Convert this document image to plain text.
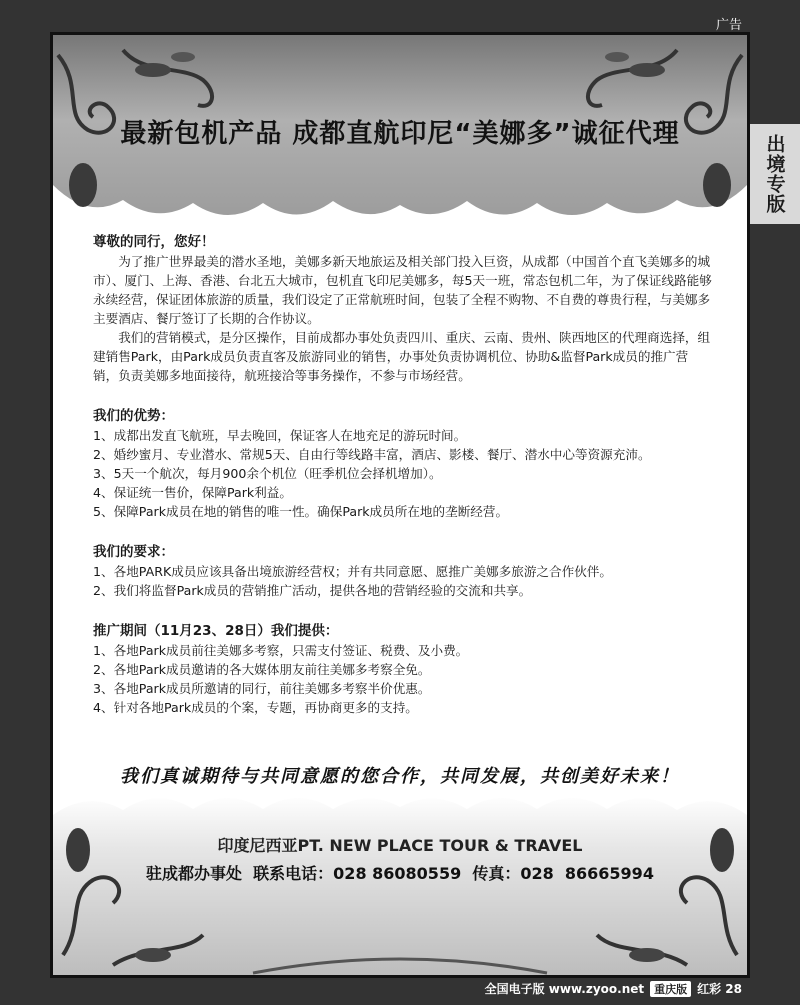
广告
出境专版
最新包机产品 成都直航印尼“美娜多”诚征代理

尊敬的同行，您好！

为了推广世界最美的潜水圣地，美娜多新天地旅运及相关部门投入巨资，从成都（中国首个直飞美娜多的城市）、厦门、上海、香港、台北五大城市，包机直飞印尼美娜多，每5天一班，常态包机二年，为了保证线路能够永续经营，保证团体旅游的质量，我们设定了正常航班时间，包装了全程不购物、不自费的尊贵行程，与美娜多主要酒店、餐厅签订了长期的合作协议。

我们的营销模式，是分区操作，目前成都办事处负责四川、重庆、云南、贵州、陕西地区的代理商选择，组建销售Park，由Park成员负责直客及旅游同业的销售，办事处负责协调机位、协助&监督Park成员的推广营销，负责美娜多地面接待，航班接洽等事务操作，不参与市场经营。

我们的优势：

1、成都出发直飞航班，早去晚回，保证客人在地充足的游玩时间。

2、婚纱蜜月、专业潜水、常规5天、自由行等线路丰富，酒店、影楼、餐厅、潜水中心等资源充沛。

3、5天一个航次，每月900余个机位（旺季机位会择机增加）。

4、保证统一售价，保障Park利益。

5、保障Park成员在地的销售的唯一性。确保Park成员所在地的垄断经营。

我们的要求：

1、各地PARK成员应该具备出境旅游经营权；并有共同意愿、愿推广美娜多旅游之合作伙伴。

2、我们将监督Park成员的营销推广活动，提供各地的营销经验的交流和共享。

推广期间（11月23、28日）我们提供：

1、各地Park成员前往美娜多考察，只需支付签证、税费、及小费。

2、各地Park成员邀请的各大媒体朋友前往美娜多考察全免。

3、各地Park成员所邀请的同行，前往美娜多考察半价优惠。

4、针对各地Park成员的个案，专题，再协商更多的支持。

我们真诚期待与共同意愿的您合作，共同发展，共创美好未来！
印度尼西亚PT. NEW PLACE TOUR & TRAVEL
驻成都办事处  联系电话：028 86080559  传真：028  86665994
全国电子版 www.zyoo.net 重庆版 红彩 28
